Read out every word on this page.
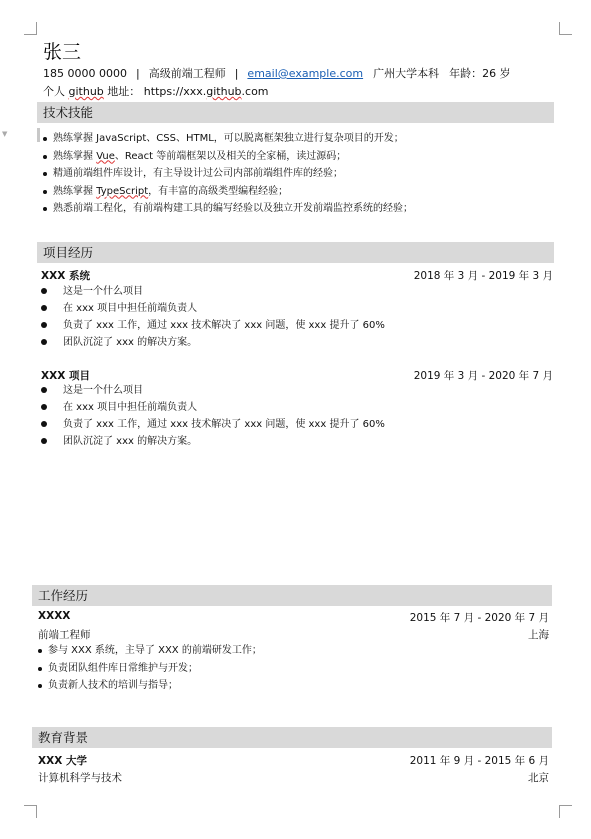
▼
张三
185 0000 0000 | 高级前端工程师 | email@example.com 广州大学本科 年龄：26 岁
个人 github 地址： https://xxx.github.com
技术技能
熟练掌握 JavaScript、CSS、HTML，可以脱离框架独立进行复杂项目的开发；
熟练掌握 Vue、React 等前端框架以及相关的全家桶，读过源码；
精通前端组件库设计，有主导设计过公司内部前端组件库的经验；
熟练掌握 TypeScript，有丰富的高级类型编程经验；
熟悉前端工程化，有前端构建工具的编写经验以及独立开发前端监控系统的经验；
项目经历
XXX 系统	2018 年 3 月 - 2019 年 3 月
这是一个什么项目
在 xxx 项目中担任前端负责人
负责了 xxx 工作，通过 xxx 技术解决了 xxx 问题，使 xxx 提升了 60%
团队沉淀了 xxx 的解决方案。
XXX 项目	2019 年 3 月 - 2020 年 7 月
这是一个什么项目
在 xxx 项目中担任前端负责人
负责了 xxx 工作，通过 xxx 技术解决了 xxx 问题，使 xxx 提升了 60%
团队沉淀了 xxx 的解决方案。
工作经历
XXXX	2015 年 7 月 - 2020 年 7 月
前端工程师	上海
参与 XXX 系统，主导了 XXX 的前端研发工作；
负责团队组件库日常维护与开发；
负责新人技术的培训与指导；
教育背景
XXX 大学	2011 年 9 月 - 2015 年 6 月
计算机科学与技术	北京
